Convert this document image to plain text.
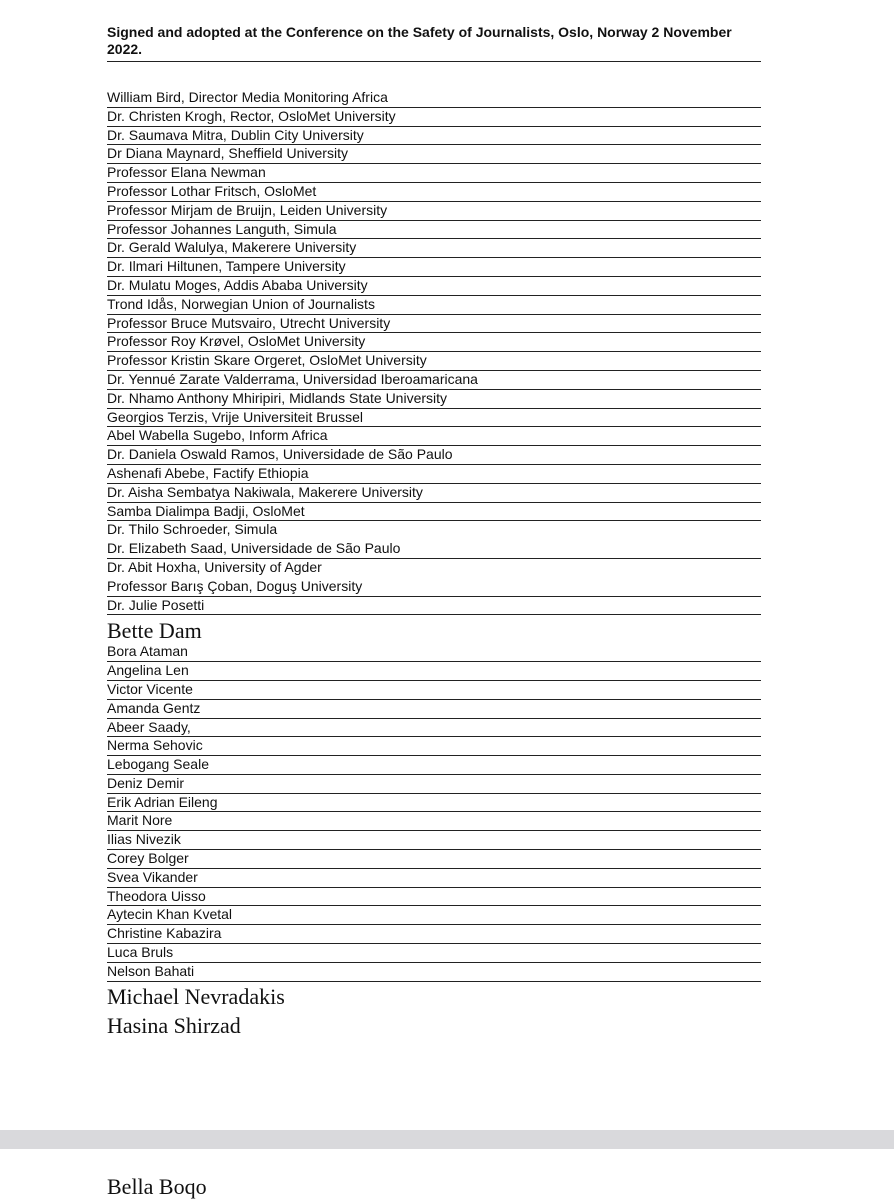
Signed and adopted at the Conference on the Safety of Journalists, Oslo, Norway 2 November 2022.
William Bird, Director Media Monitoring Africa
Dr. Christen Krogh, Rector, OsloMet University
Dr. Saumava Mitra, Dublin City University
Dr Diana Maynard, Sheffield University
Professor Elana Newman
Professor Lothar Fritsch, OsloMet
Professor Mirjam de Bruijn, Leiden University
Professor Johannes Languth, Simula
Dr. Gerald Walulya, Makerere University
Dr. Ilmari Hiltunen, Tampere University
Dr. Mulatu Moges, Addis Ababa University
Trond Idås, Norwegian Union of Journalists
Professor Bruce Mutsvairo, Utrecht University
Professor Roy Krøvel, OsloMet University
Professor Kristin Skare Orgeret, OsloMet University
Dr. Yennué Zarate Valderrama, Universidad Iberoamaricana
Dr. Nhamo Anthony Mhiripiri, Midlands State University
Georgios Terzis, Vrije Universiteit Brussel
Abel Wabella Sugebo, Inform Africa
Dr. Daniela Oswald Ramos, Universidade de São Paulo
Ashenafi Abebe, Factify Ethiopia
Dr. Aisha Sembatya Nakiwala, Makerere University
Samba Dialimpa Badji, OsloMet
Dr. Thilo Schroeder, Simula
Dr. Elizabeth Saad, Universidade de São Paulo
Dr. Abit Hoxha, University of Agder
Professor Barış Çoban, Doguş University
Dr. Julie Posetti
Bette Dam
Bora Ataman
Angelina Len
Victor Vicente
Amanda Gentz
Abeer Saady,
Nerma Sehovic
Lebogang Seale
Deniz Demir
Erik Adrian Eileng
Marit Nore
Ilias Nivezik
Corey Bolger
Svea Vikander
Theodora Uisso
Aytecin Khan Kvetal
Christine Kabazira
Luca Bruls
Nelson Bahati
Michael Nevradakis
Hasina Shirzad
Bella Boqo
